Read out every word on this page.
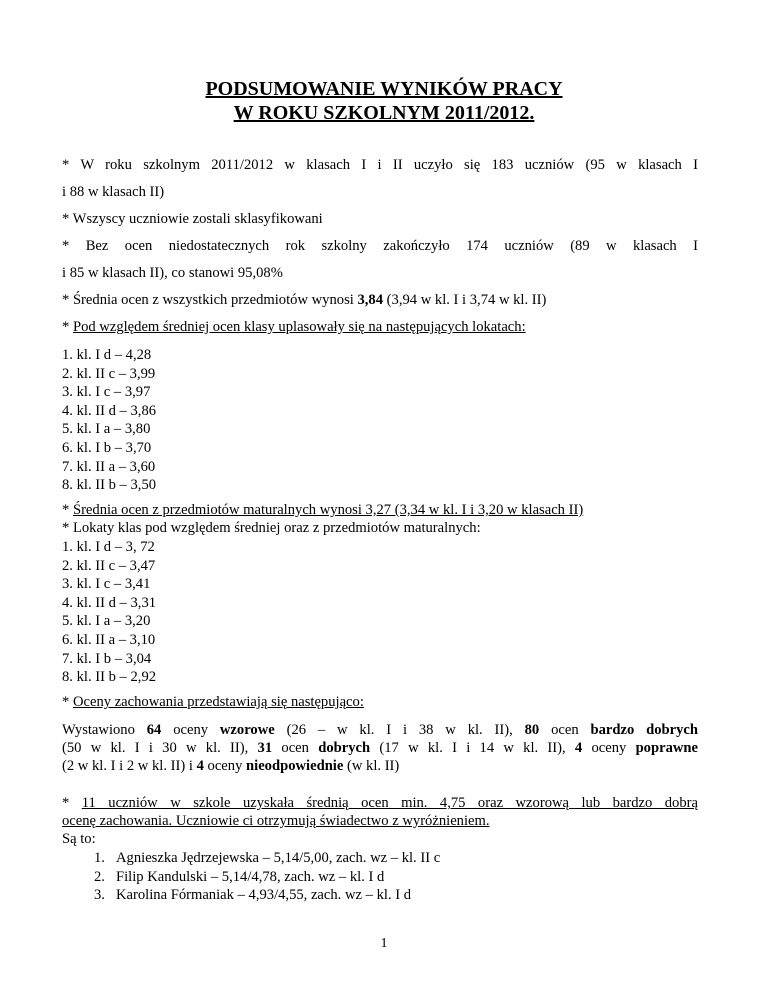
PODSUMOWANIE WYNIKÓW PRACY
W ROKU SZKOLNYM 2011/2012.
* W roku szkolnym 2011/2012 w klasach I i II uczyło się 183 uczniów (95 w klasach I
i 88 w klasach II)
* Wszyscy uczniowie zostali sklasyfikowani
* Bez ocen niedostatecznych rok szkolny zakończyło 174 uczniów (89 w klasach I
i 85 w klasach II), co stanowi 95,08%
* Średnia ocen z wszystkich przedmiotów wynosi 3,84 (3,94 w kl. I i 3,74 w kl. II)
* Pod względem średniej ocen klasy uplasowały się na następujących lokatach:
1. kl. I d – 4,28
2. kl. II c – 3,99
3. kl. I c – 3,97
4. kl. II d – 3,86
5. kl. I a – 3,80
6. kl. I b – 3,70
7. kl. II a – 3,60
8. kl. II b – 3,50
* Średnia ocen z przedmiotów maturalnych wynosi 3,27 (3,34 w kl. I i 3,20 w klasach II)
* Lokaty klas pod względem średniej oraz z przedmiotów maturalnych:
1. kl. I d – 3, 72
2. kl. II c – 3,47
3. kl. I c – 3,41
4. kl. II d – 3,31
5. kl. I a – 3,20
6. kl. II a – 3,10
7. kl. I b – 3,04
8. kl. II b – 2,92
* Oceny zachowania przedstawiają się następująco:
Wystawiono 64 oceny wzorowe (26 – w kl. I i 38 w kl. II), 80 ocen bardzo dobrych
(50 w kl. I i 30 w kl. II), 31 ocen dobrych (17 w kl. I i 14 w kl. II), 4 oceny poprawne
(2 w kl. I i 2 w kl. II) i 4 oceny nieodpowiednie (w kl. II)
* 11 uczniów w szkole uzyskała średnią ocen min. 4,75 oraz wzorową lub bardzo dobrą
ocenę zachowania. Uczniowie ci otrzymują świadectwo z wyróżnieniem.
Są to:
1. Agnieszka Jędrzejewska – 5,14/5,00, zach. wz – kl. II c
2. Filip Kandulski – 5,14/4,78, zach. wz – kl. I d
3. Karolina Fórmaniak – 4,93/4,55, zach. wz – kl. I d
1
